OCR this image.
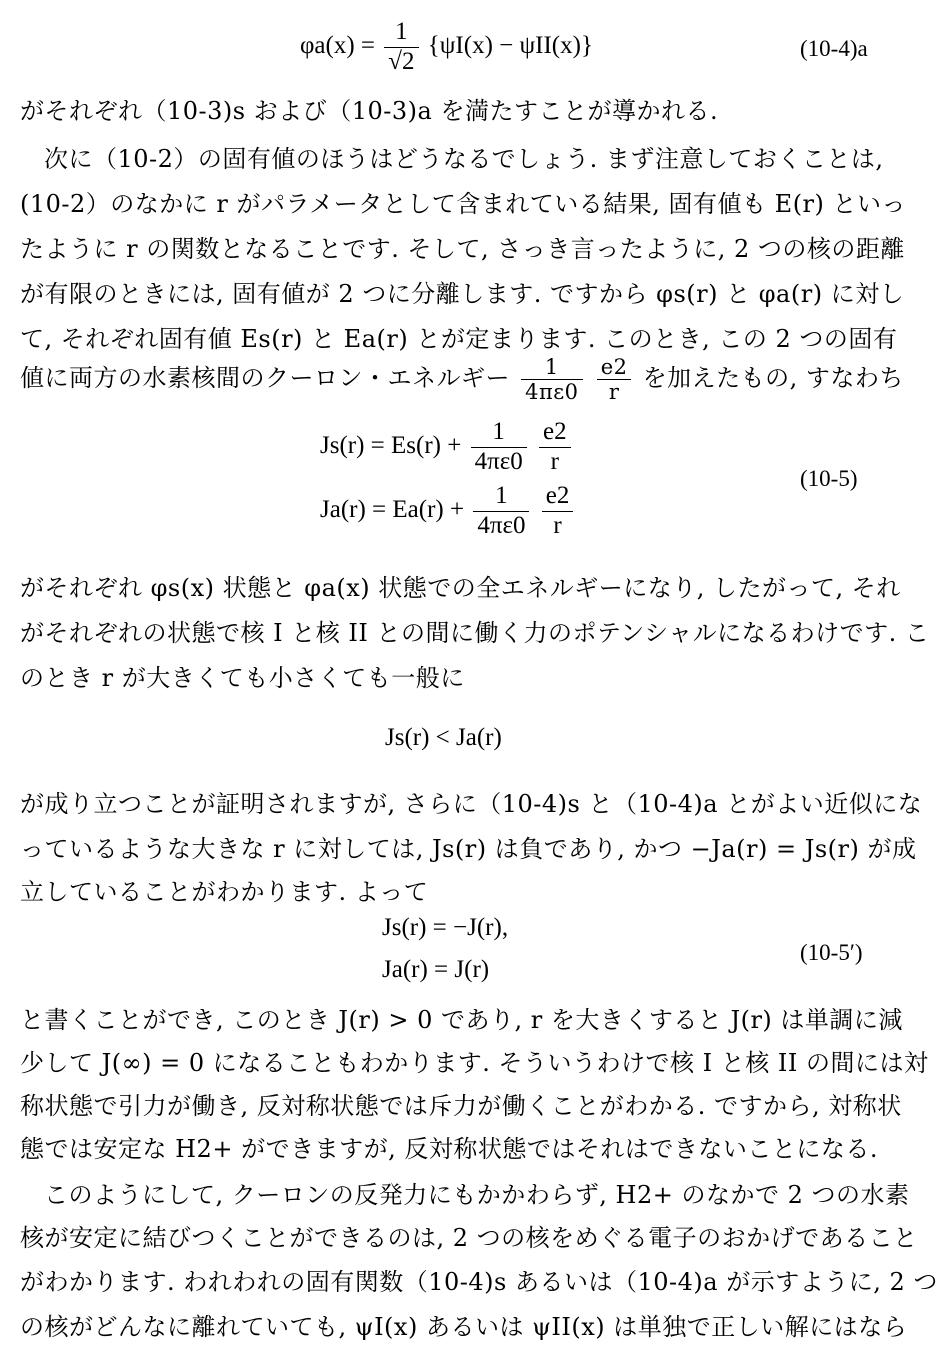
$\varphi a(x) = \frac{1}{√2} \{\psi I(x) - \psi II(x)\}$	(10-4)a
がそれぞれ（10-3)s および（10-3)a を満たすことが導かれる.
次に（10-2）の固有値のほうはどうなるでしょう. まず注意しておくことは,
(10-2）のなかに r がパラメータとして含まれている結果, 固有値も E(r) といっ
たように r の関数となることです. そして, さっき言ったように, 2 つの核の距離
が有限のときには, 固有値が 2 つに分離します. ですから φs(r) と φa(r) に対し
て, それぞれ固有値 Es(r) と Ea(r) とが定まります. このとき, この 2 つの固有
値に両方の水素核間のクーロン・エネルギー $\frac{1}{4\pi\varepsilon 0}$
$\frac{e2}{r}$ を加えたもの, すなわち
$Js(r) = Es(r) + \frac{1}{4\pi\varepsilon 0}$
$\frac{e2}{r}$
$Ja(r) = Ea(r) + \frac{1}{4\pi\varepsilon 0}$
$\frac{e2}{r}$
(10-5)
がそれぞれ φs(x) 状態と φa(x) 状態での全エネルギーになり, したがって, それ
がそれぞれの状態で核 I と核 II との間に働く力のポテンシャルになるわけです. こ
のとき r が大きくても小さくても一般に
Js(r) < Ja(r)
が成り立つことが証明されますが, さらに（10-4)s と（10-4)a とがよい近似にな
っているような大きな r に対しては, Js(r) は負であり, かつ −Ja(r) = Js(r) が成
立していることがわかります. よって
Js(r) = −J(r),
Ja(r) = J(r)
(10-5′)
と書くことができ, このとき J(r) > 0 であり, r を大きくすると J(r) は単調に減
少して J(∞) = 0 になることもわかります. そういうわけで核 I と核 II の間には対
称状態で引力が働き, 反対称状態では斥力が働くことがわかる. ですから, 対称状
態では安定な H2+ ができますが, 反対称状態ではそれはできないことになる.
このようにして, クーロンの反発力にもかかわらず, H2+ のなかで 2 つの水素
核が安定に結びつくことができるのは, 2 つの核をめぐる電子のおかげであること
がわかります. われわれの固有関数（10-4)s あるいは（10-4)a が示すように, 2 つ
の核がどんなに離れていても, ψI(x) あるいは ψII(x) は単独で正しい解にはなら
